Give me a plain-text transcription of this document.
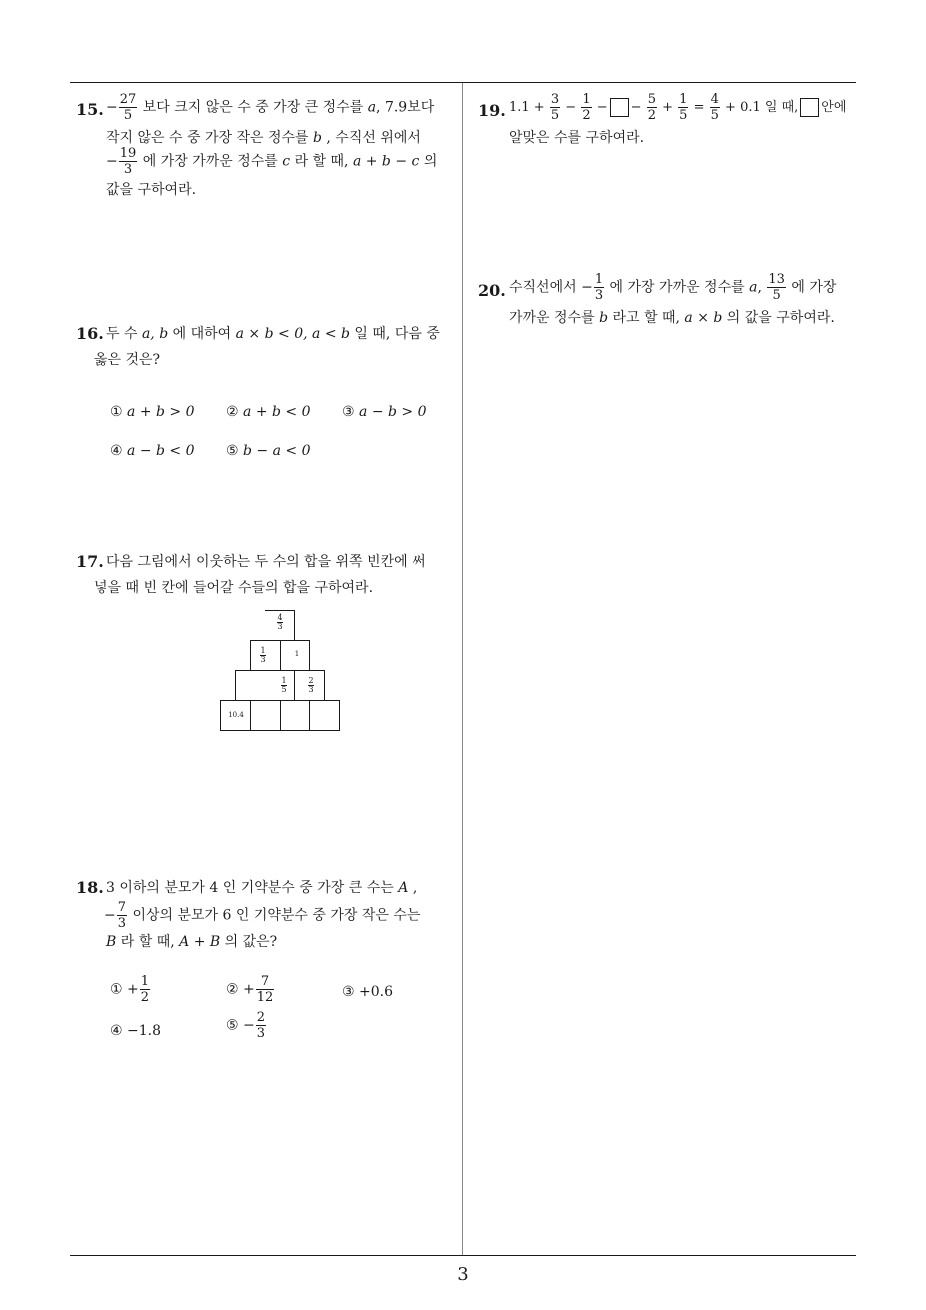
3
15. − $\frac{27}{5}$ 보다 크지 않은 수 중 가장 큰 정수를 a, 7.9보다
작지 않은 수 중 가장 작은 정수를 b , 수직선 위에서
− $\frac{19}{3}$ 에 가장 가까운 정수를 c 라 할 때, a + b − c 의
값을 구하여라.
16. 두 수 a, b 에 대하여 a × b < 0, a < b 일 때, 다음 중
옳은 것은?
① a + b > 0 ② a + b < 0 ③ a − b > 0
④ a − b < 0 ⑤ b − a < 0
17. 다음 그림에서 이웃하는 두 수의 합을 위쪽 빈칸에 써
넣을 때 빈 칸에 들어갈 수들의 합을 구하여라.
$\frac{4}{3}$
$\frac{1}{3}$	1
$\frac{1}{5}$	$\frac{2}{3}$
10.4
18. 3 이하의 분모가 4 인 기약분수 중 가장 큰 수는 A ,
− $\frac{7}{3}$ 이상의 분모가 6 인 기약분수 중 가장 작은 수는
B 라 할 때, A + B 의 값은?
① + $\frac{1}{2}$	② + $\frac{7}{12}$	③ +0.6
④ −1.8	⑤ − $\frac{2}{3}$
19. $1.1 + \frac{3}{5} - \frac{1}{2}$ − − $\frac{5}{2} + \frac{1}{5} = \frac{4}{5} + 0.1$ 일 때, 안에
알맞은 수를 구하여라.
20. 수직선에서 − $\frac{1}{3}$ 에 가장 가까운 정수를 a, $\frac{13}{5}$ 에 가장
가까운 정수를 b 라고 할 때, a × b 의 값을 구하여라.
